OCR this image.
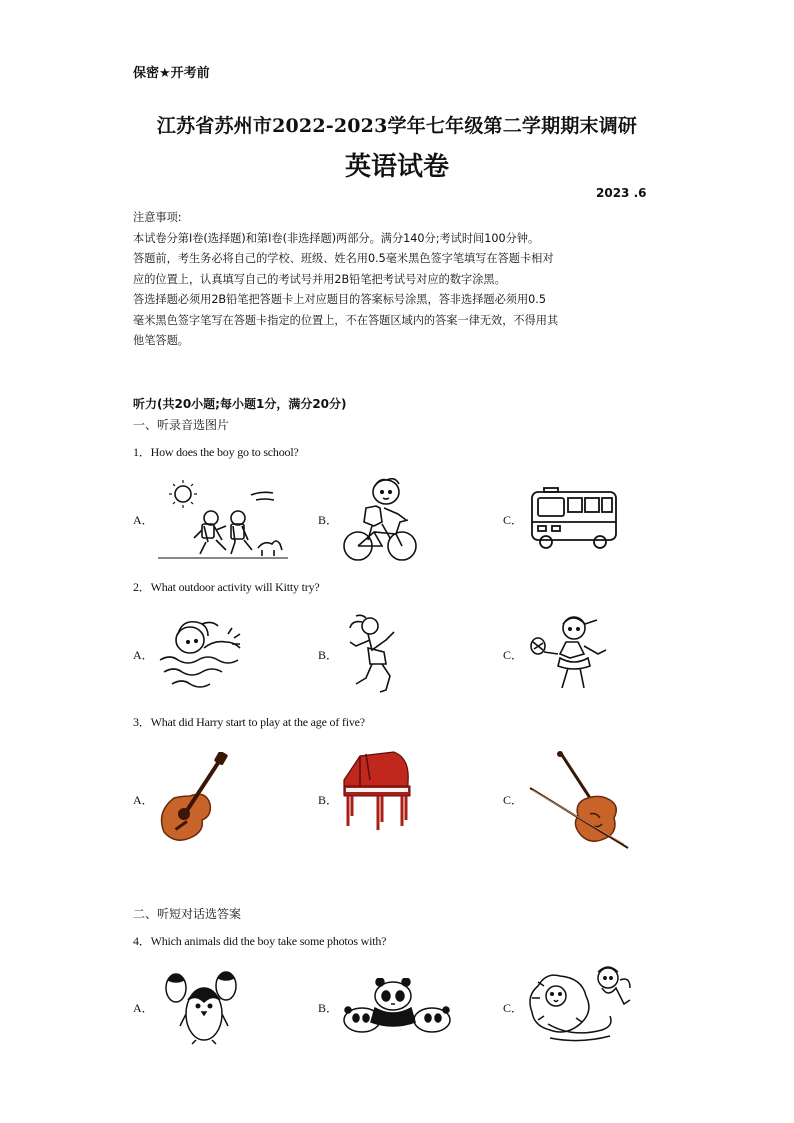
保密★开考前
江苏省苏州市2022-2023学年七年级第二学期期末调研
英语试卷
2023 .6

注意事项:

本试卷分第Ⅰ卷(选择题)和第Ⅰ卷(非选择题)两部分。满分140分;考试时间100分钟。

答题前，考生务必将自己的学校、班级、姓名用0.5毫米黑色签字笔填写在答题卡相对

应的位置上，认真填写自己的考试号并用2B铅笔把考试号对应的数字涂黑。

答选择题必须用2B铅笔把答题卡上对应题目的答案标号涂黑，答非选择题必须用0.5

毫米黑色签字笔写在答题卡指定的位置上，不在答题区域内的答案一律无效，不得用其

他笔答题。

听力(共20小题;每小题1分，满分20分)
一、听录音选图片
1．How does the boy go to school?
A．	B．	C．
2．What outdoor activity will Kitty try?
A．	B．	C．
3．What did Harry start to play at the age of five?
A．	B．	C．
二、听短对话选答案
4．Which animals did the boy take some photos with?
A．	B．	C．
